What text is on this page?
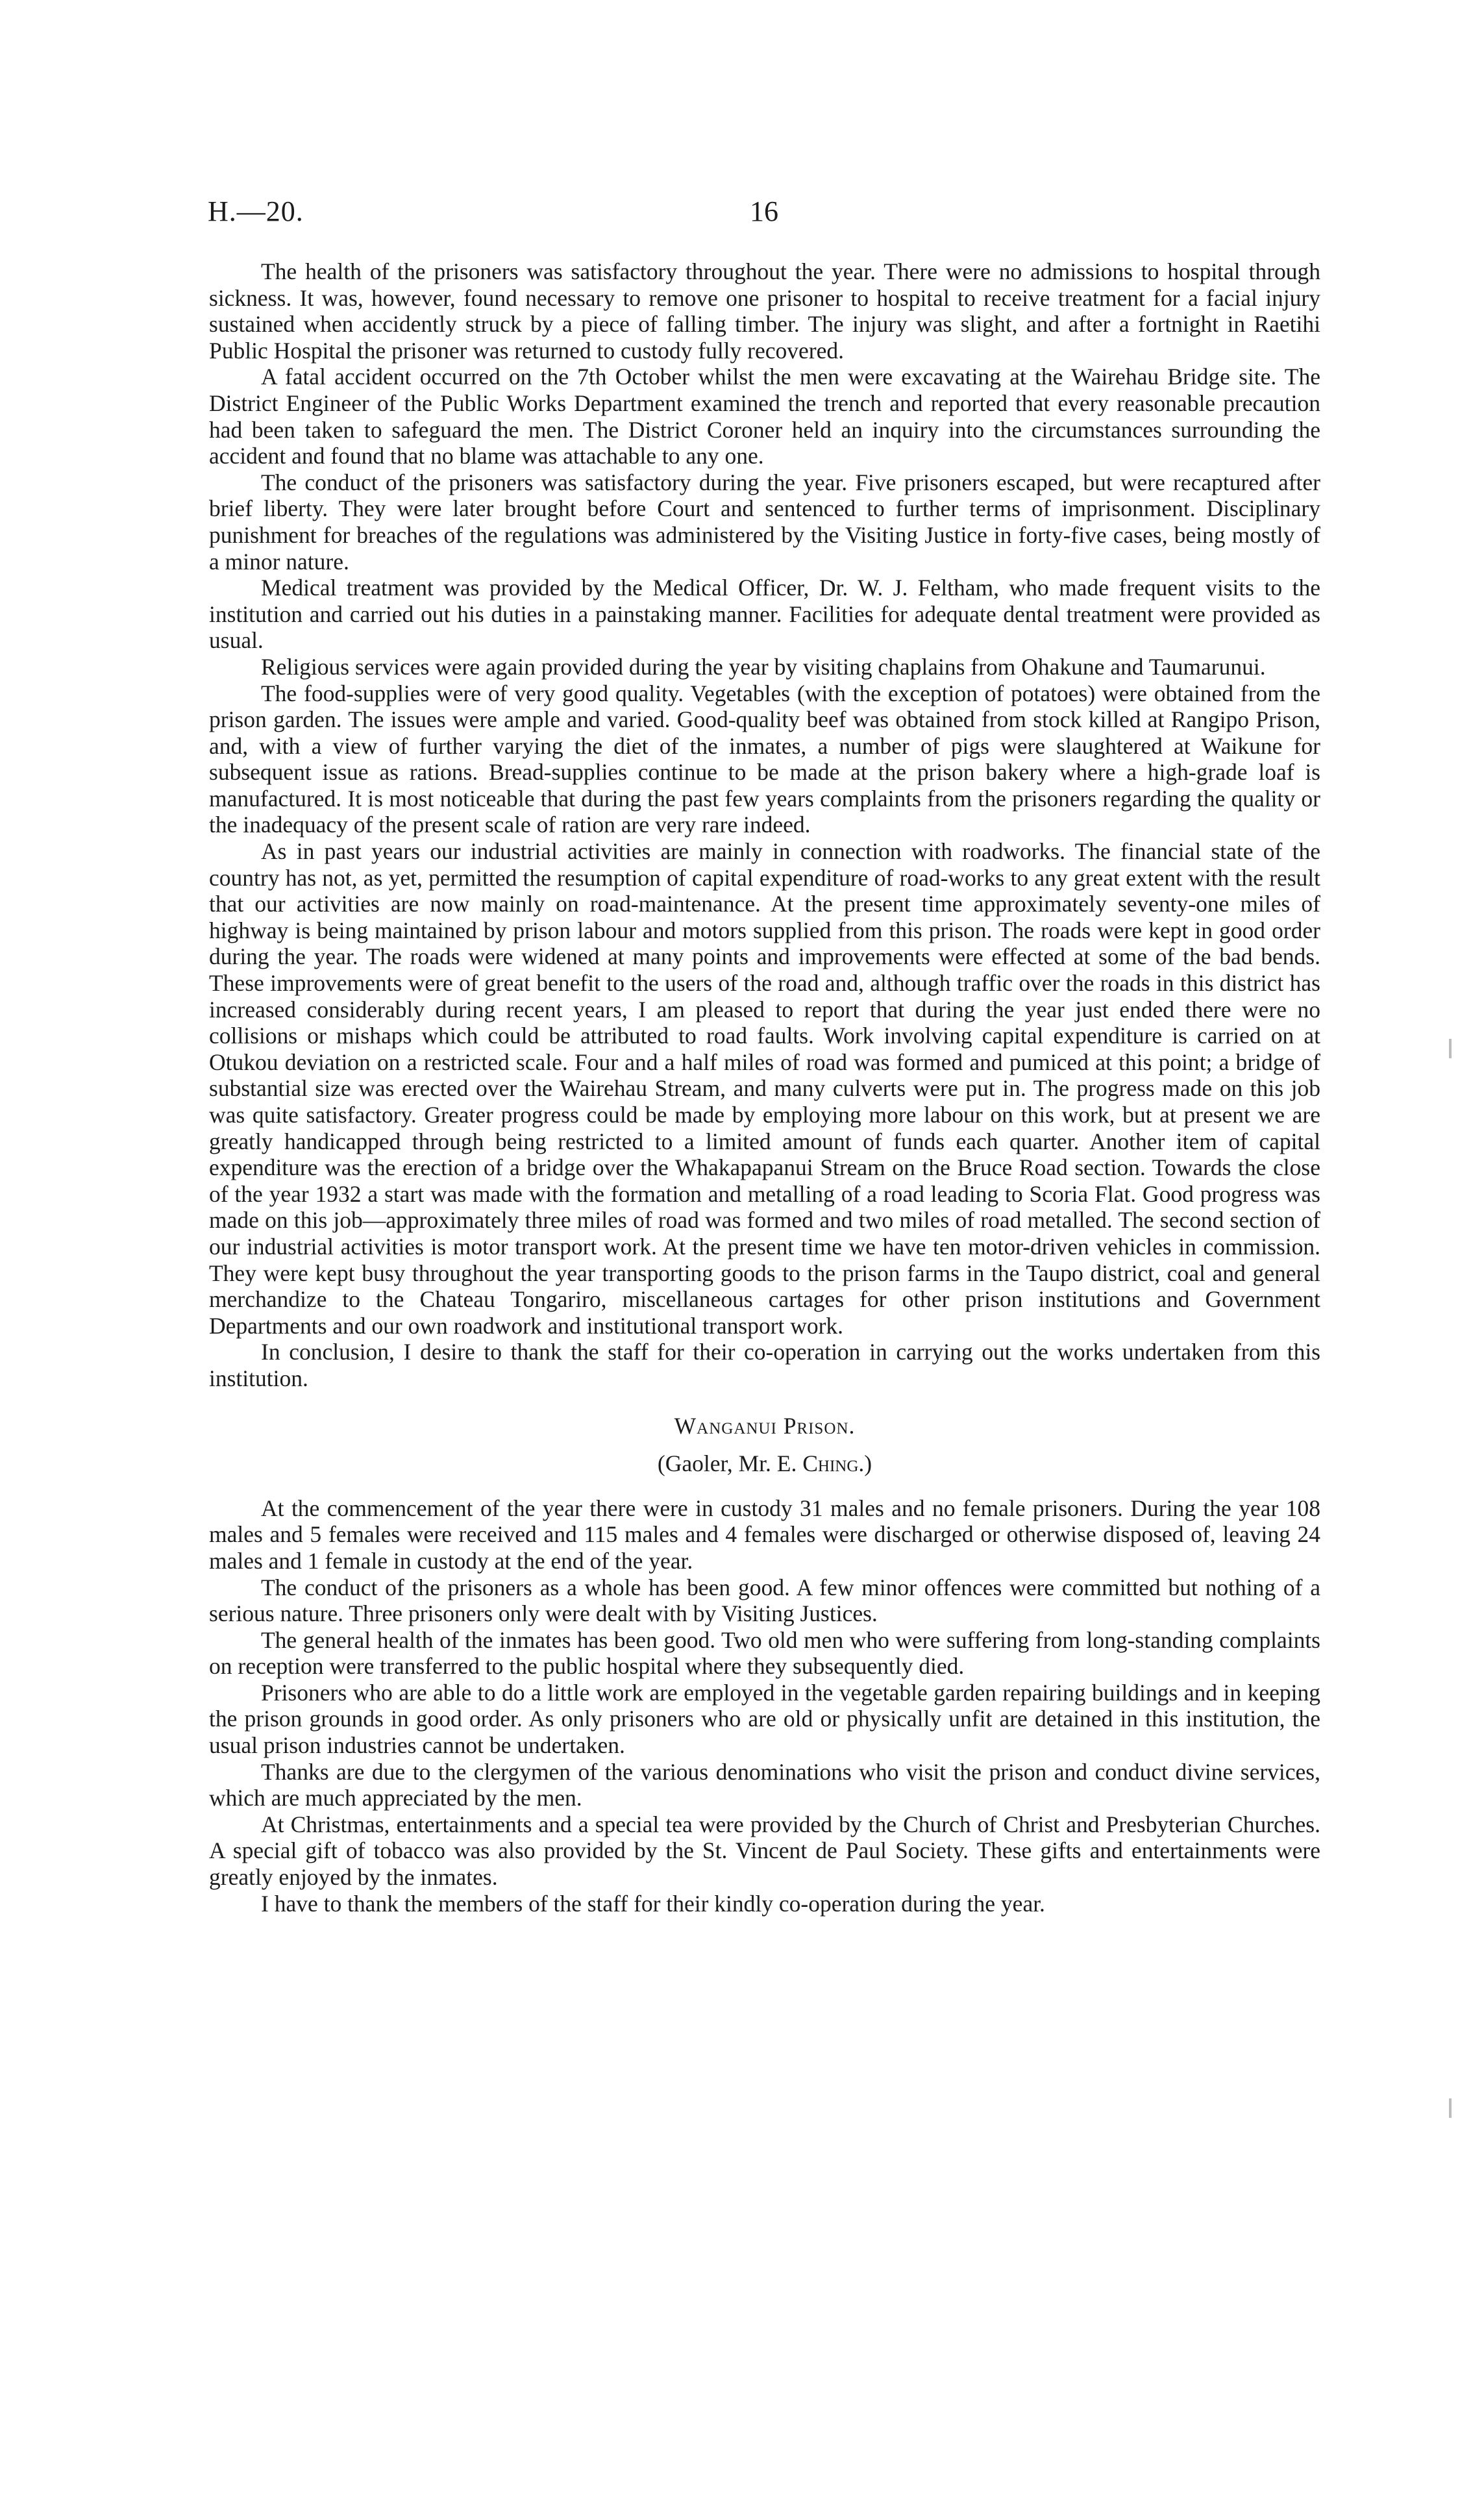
H.—20.	16

The health of the prisoners was satisfactory throughout the year. There were no admissions to hospital through sickness. It was, however, found necessary to remove one prisoner to hospital to receive treatment for a facial injury sustained when accidently struck by a piece of falling timber. The injury was slight, and after a fortnight in Raetihi Public Hospital the prisoner was returned to custody fully recovered.

A fatal accident occurred on the 7th October whilst the men were excavating at the Wairehau Bridge site. The District Engineer of the Public Works Department examined the trench and reported that every reasonable precaution had been taken to safeguard the men. The District Coroner held an inquiry into the circumstances surrounding the accident and found that no blame was attachable to any one.

The conduct of the prisoners was satisfactory during the year. Five prisoners escaped, but were recaptured after brief liberty. They were later brought before Court and sentenced to further terms of imprisonment. Disciplinary punishment for breaches of the regulations was administered by the Visiting Justice in forty-five cases, being mostly of a minor nature.

Medical treatment was provided by the Medical Officer, Dr. W. J. Feltham, who made frequent visits to the institution and carried out his duties in a painstaking manner. Facilities for adequate dental treatment were provided as usual.

Religious services were again provided during the year by visiting chaplains from Ohakune and Taumarunui.

The food-supplies were of very good quality. Vegetables (with the exception of potatoes) were obtained from the prison garden. The issues were ample and varied. Good-quality beef was obtained from stock killed at Rangipo Prison, and, with a view of further varying the diet of the inmates, a number of pigs were slaughtered at Waikune for subsequent issue as rations. Bread-supplies continue to be made at the prison bakery where a high-grade loaf is manufactured. It is most noticeable that during the past few years complaints from the prisoners regarding the quality or the inadequacy of the present scale of ration are very rare indeed.

As in past years our industrial activities are mainly in connection with roadworks. The financial state of the country has not, as yet, permitted the resumption of capital expenditure of road-works to any great extent with the result that our activities are now mainly on road-maintenance. At the present time approximately seventy-one miles of highway is being maintained by prison labour and motors supplied from this prison. The roads were kept in good order during the year. The roads were widened at many points and improvements were effected at some of the bad bends. These improvements were of great benefit to the users of the road and, although traffic over the roads in this district has increased considerably during recent years, I am pleased to report that during the year just ended there were no collisions or mishaps which could be attributed to road faults. Work involving capital expenditure is carried on at Otukou deviation on a restricted scale. Four and a half miles of road was formed and pumiced at this point; a bridge of substantial size was erected over the Wairehau Stream, and many culverts were put in. The progress made on this job was quite satisfactory. Greater progress could be made by employing more labour on this work, but at present we are greatly handicapped through being restricted to a limited amount of funds each quarter. Another item of capital expenditure was the erection of a bridge over the Whakapapanui Stream on the Bruce Road section. Towards the close of the year 1932 a start was made with the formation and metalling of a road leading to Scoria Flat. Good progress was made on this job—approximately three miles of road was formed and two miles of road metalled. The second section of our industrial activities is motor transport work. At the present time we have ten motor-driven vehicles in commission. They were kept busy throughout the year transporting goods to the prison farms in the Taupo district, coal and general merchandize to the Chateau Tongariro, miscellaneous cartages for other prison institutions and Government Departments and our own roadwork and institutional transport work.

In conclusion, I desire to thank the staff for their co-operation in carrying out the works undertaken from this institution.

Wanganui Prison.

(Gaoler, Mr. E. Ching.)

At the commencement of the year there were in custody 31 males and no female prisoners. During the year 108 males and 5 females were received and 115 males and 4 females were discharged or otherwise disposed of, leaving 24 males and 1 female in custody at the end of the year.

The conduct of the prisoners as a whole has been good. A few minor offences were committed but nothing of a serious nature. Three prisoners only were dealt with by Visiting Justices.

The general health of the inmates has been good. Two old men who were suffering from long-standing complaints on reception were transferred to the public hospital where they subsequently died.

Prisoners who are able to do a little work are employed in the vegetable garden repairing buildings and in keeping the prison grounds in good order. As only prisoners who are old or physically unfit are detained in this institution, the usual prison industries cannot be undertaken.

Thanks are due to the clergymen of the various denominations who visit the prison and conduct divine services, which are much appreciated by the men.

At Christmas, entertainments and a special tea were provided by the Church of Christ and Presbyterian Churches. A special gift of tobacco was also provided by the St. Vincent de Paul Society. These gifts and entertainments were greatly enjoyed by the inmates.

I have to thank the members of the staff for their kindly co-operation during the year.
